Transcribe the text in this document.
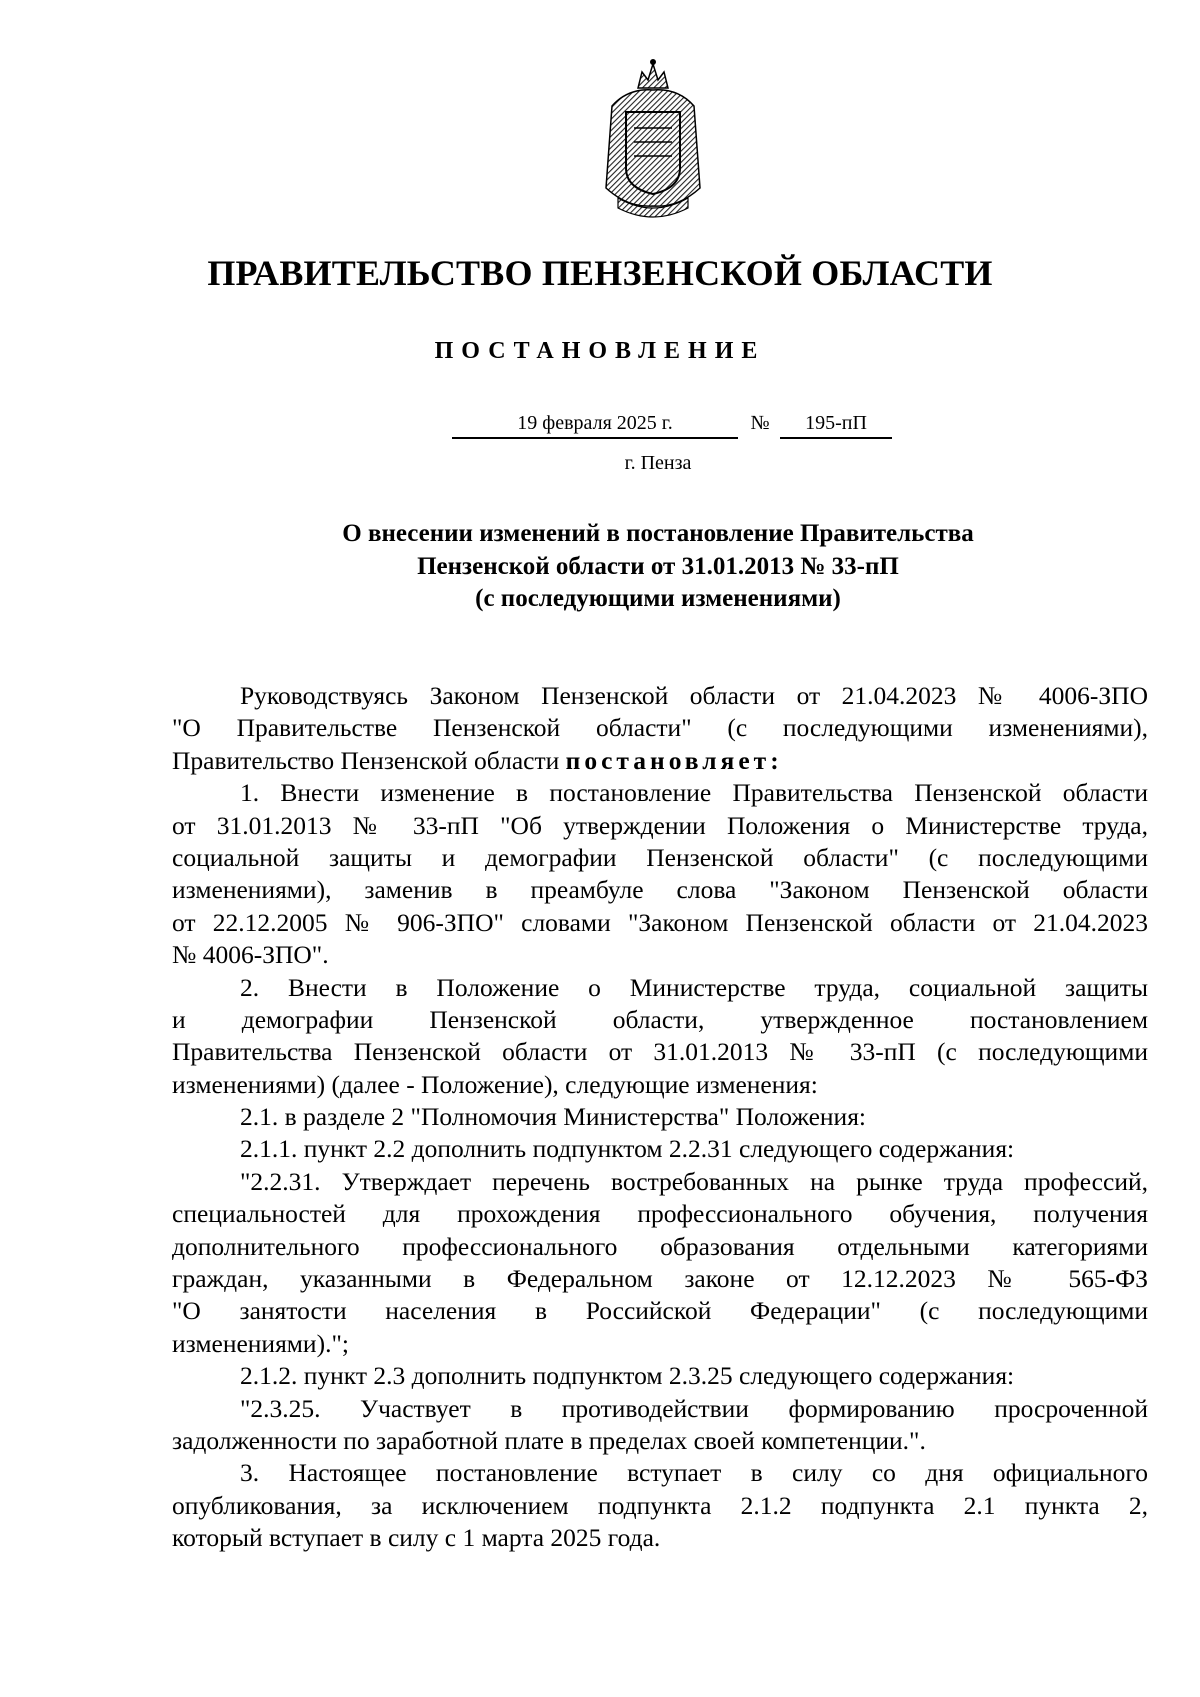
ПРАВИТЕЛЬСТВО ПЕНЗЕНСКОЙ ОБЛАСТИ
ПОСТАНОВЛЕНИЕ
19 февраля 2025 г.	№	195-пП
г. Пенза
О внесении изменений в постановление Правительства
Пензенской области от 31.01.2013 № 33-пП
(с последующими изменениями)
Руководствуясь Законом Пензенской области от 21.04.2023 № 4006-ЗПО
"О Правительстве Пензенской области" (с последующими изменениями),
Правительство Пензенской области постановляет:
1. Внести изменение в постановление Правительства Пензенской области
от 31.01.2013 № 33-пП "Об утверждении Положения о Министерстве труда,
социальной защиты и демографии Пензенской области" (с последующими
изменениями), заменив в преамбуле слова "Законом Пензенской области
от 22.12.2005 № 906-ЗПО" словами "Законом Пензенской области от 21.04.2023
№ 4006-ЗПО".
2. Внести в Положение о Министерстве труда, социальной защиты
и демографии Пензенской области, утвержденное постановлением
Правительства Пензенской области от 31.01.2013 № 33-пП (с последующими
изменениями) (далее - Положение), следующие изменения:
2.1. в разделе 2 "Полномочия Министерства" Положения:
2.1.1. пункт 2.2 дополнить подпунктом 2.2.31 следующего содержания:
"2.2.31. Утверждает перечень востребованных на рынке труда профессий,
специальностей для прохождения профессионального обучения, получения
дополнительного профессионального образования отдельными категориями
граждан, указанными в Федеральном законе от 12.12.2023 № 565-ФЗ
"О занятости населения в Российской Федерации" (с последующими
изменениями).";
2.1.2. пункт 2.3 дополнить подпунктом 2.3.25 следующего содержания:
"2.3.25. Участвует в противодействии формированию просроченной
задолженности по заработной плате в пределах своей компетенции.".
3. Настоящее постановление вступает в силу со дня официального
опубликования, за исключением подпункта 2.1.2 подпункта 2.1 пункта 2,
который вступает в силу с 1 марта 2025 года.
